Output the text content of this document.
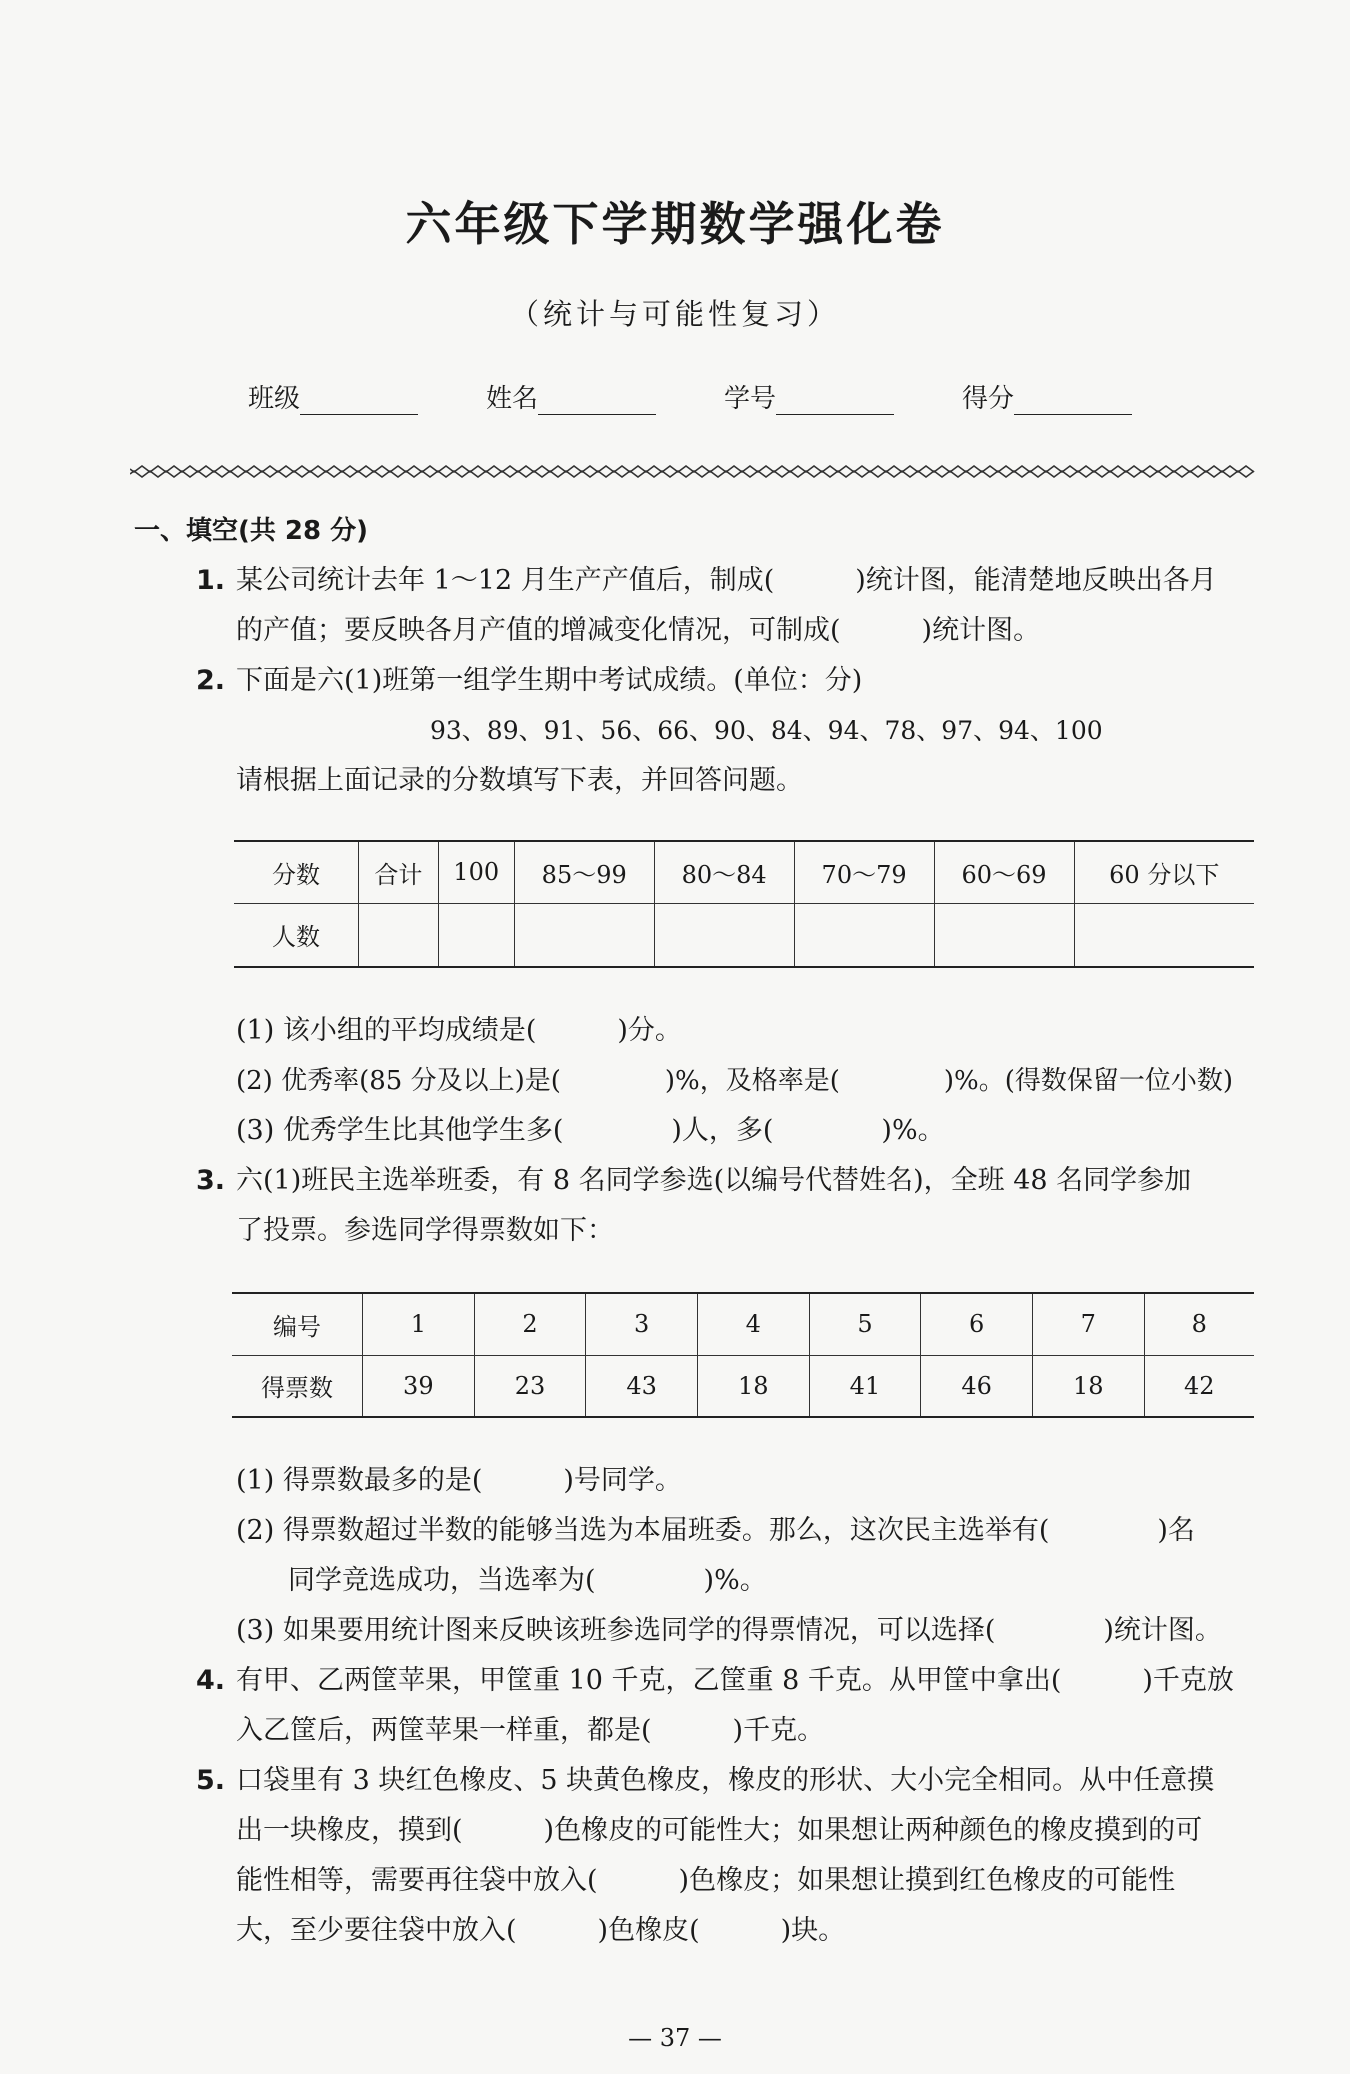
六年级下学期数学强化卷
（统计与可能性复习）
班级	姓名	学号	得分
一、填空(共 28 分)
1. 某公司统计去年 1～12 月生产产值后，制成(　　　)统计图，能清楚地反映出各月
的产值；要反映各月产值的增减变化情况，可制成(　　　)统计图。
2. 下面是六(1)班第一组学生期中考试成绩。(单位：分)
93、89、91、56、66、90、84、94、78、97、94、100
请根据上面记录的分数填写下表，并回答问题。
分数	合计	100	85～99	80～84	70～79	60～69	60 分以下
人数							
(1) 该小组的平均成绩是(　　　)分。
(2) 优秀率(85 分及以上)是(　　　　)%，及格率是(　　　　)%。(得数保留一位小数)
(3) 优秀学生比其他学生多(　　　　)人，多(　　　　)%。
3. 六(1)班民主选举班委，有 8 名同学参选(以编号代替姓名)，全班 48 名同学参加
了投票。参选同学得票数如下：
编号	1	2	3	4	5	6	7	8
得票数	39	23	43	18	41	46	18	42
(1) 得票数最多的是(　　　)号同学。
(2) 得票数超过半数的能够当选为本届班委。那么，这次民主选举有(　　　　)名
同学竞选成功，当选率为(　　　　)%。
(3) 如果要用统计图来反映该班参选同学的得票情况，可以选择(　　　　)统计图。
4. 有甲、乙两筐苹果，甲筐重 10 千克，乙筐重 8 千克。从甲筐中拿出(　　　)千克放
入乙筐后，两筐苹果一样重，都是(　　　)千克。
5. 口袋里有 3 块红色橡皮、5 块黄色橡皮，橡皮的形状、大小完全相同。从中任意摸
出一块橡皮，摸到(　　　)色橡皮的可能性大；如果想让两种颜色的橡皮摸到的可
能性相等，需要再往袋中放入(　　　)色橡皮；如果想让摸到红色橡皮的可能性
大，至少要往袋中放入(　　　)色橡皮(　　　)块。
— 37 —
